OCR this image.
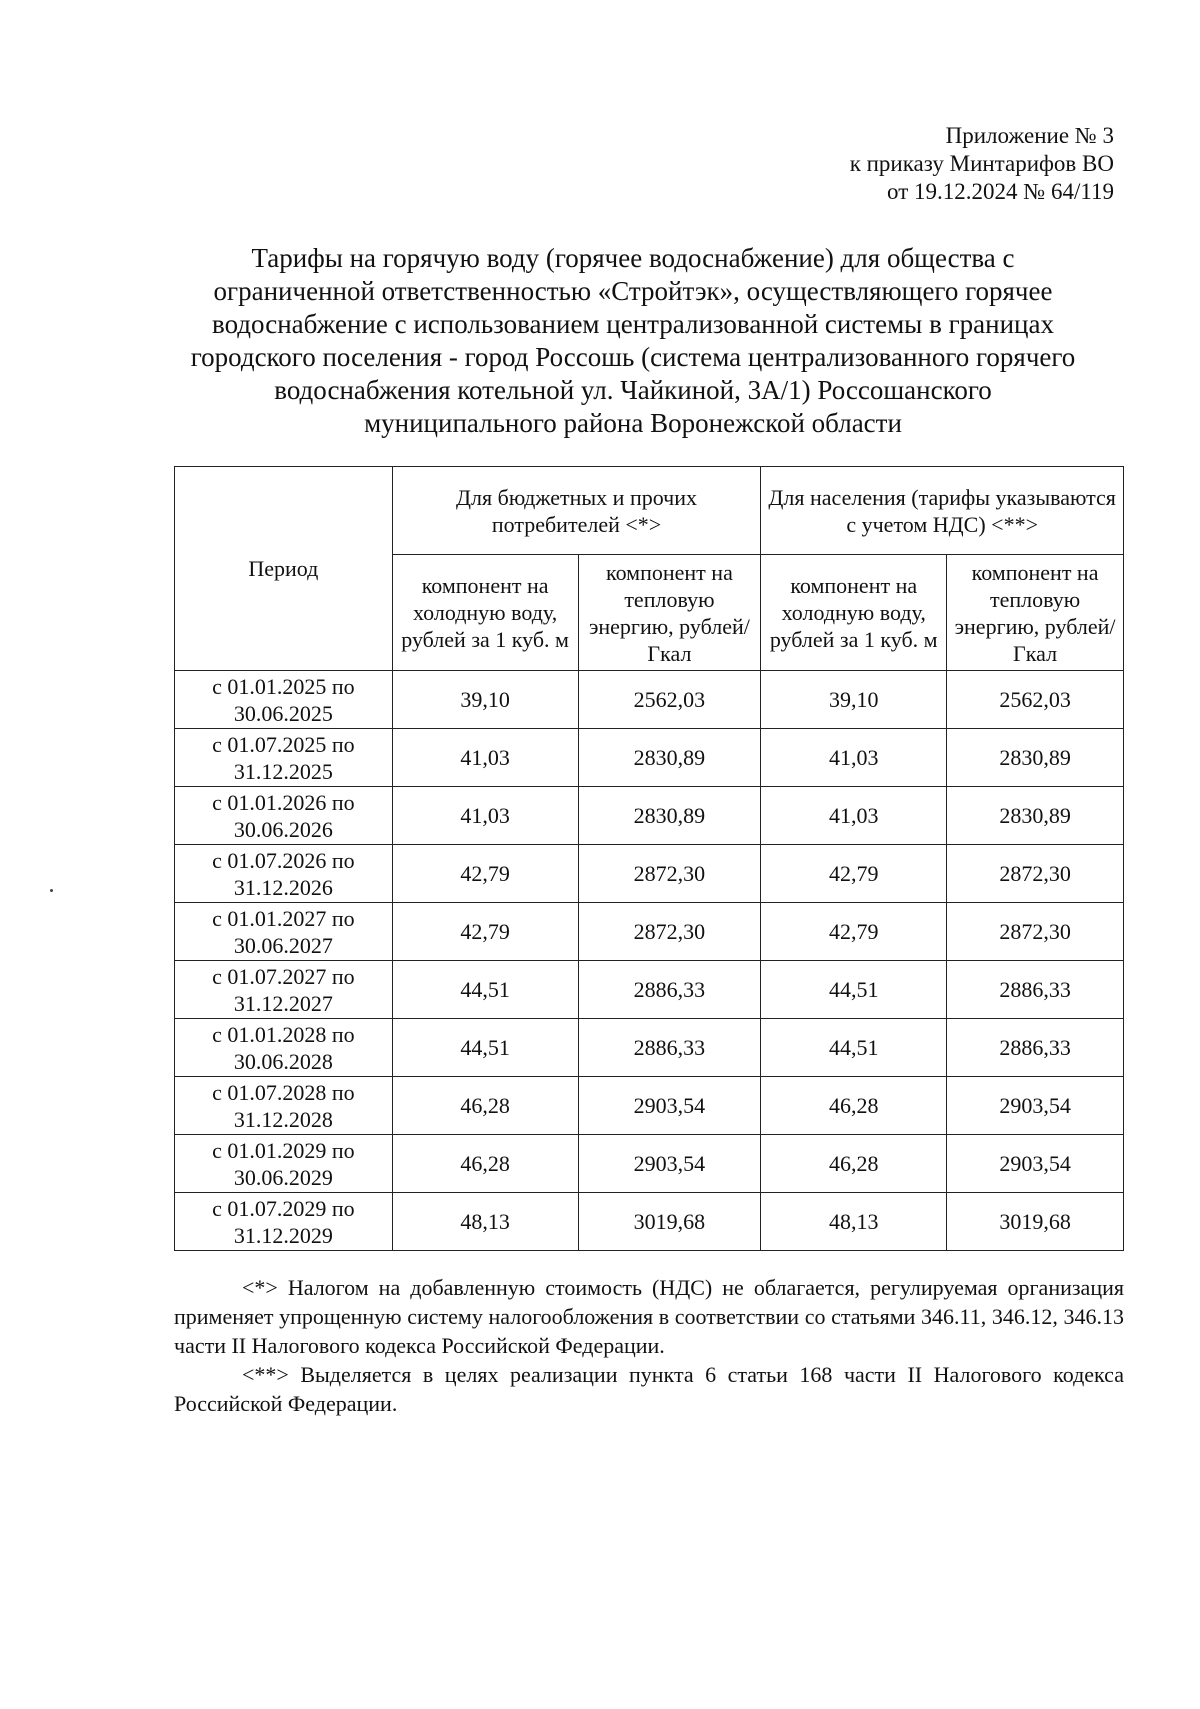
Приложение № 3
к приказу Минтарифов ВО
от 19.12.2024 № 64/119
Тарифы на горячую воду (горячее водоснабжение) для общества с
ограниченной ответственностью «Стройтэк», осуществляющего горячее
водоснабжение с использованием централизованной системы в границах
городского поселения - город Россошь (система централизованного горячего
водоснабжения котельной ул. Чайкиной, 3А/1) Россошанского
муниципального района Воронежской области
Период	Для бюджетных и прочих потребителей <*>		Для населения (тарифы указываются с учетом НДС) <**>	
	компонент на холодную воду, рублей за 1 куб. м	компонент на тепловую энергию, рублей/Гкал	компонент на холодную воду, рублей за 1 куб. м	компонент на тепловую энергию, рублей/Гкал
с 01.01.2025 по 30.06.2025	39,10	2562,03	39,10	2562,03
с 01.07.2025 по 31.12.2025	41,03	2830,89	41,03	2830,89
с 01.01.2026 по 30.06.2026	41,03	2830,89	41,03	2830,89
с 01.07.2026 по 31.12.2026	42,79	2872,30	42,79	2872,30
с 01.01.2027 по 30.06.2027	42,79	2872,30	42,79	2872,30
с 01.07.2027 по 31.12.2027	44,51	2886,33	44,51	2886,33
с 01.01.2028 по 30.06.2028	44,51	2886,33	44,51	2886,33
с 01.07.2028 по 31.12.2028	46,28	2903,54	46,28	2903,54
с 01.01.2029 по 30.06.2029	46,28	2903,54	46,28	2903,54
с 01.07.2029 по 31.12.2029	48,13	3019,68	48,13	3019,68

<*> Налогом на добавленную стоимость (НДС) не облагается, регулируемая организация применяет упрощенную систему налогообложения в соответствии со статьями 346.11, 346.12, 346.13 части II Налогового кодекса Российской Федерации.

<**> Выделяется в целях реализации пункта 6 статьи 168 части II Налогового кодекса Российской Федерации.
